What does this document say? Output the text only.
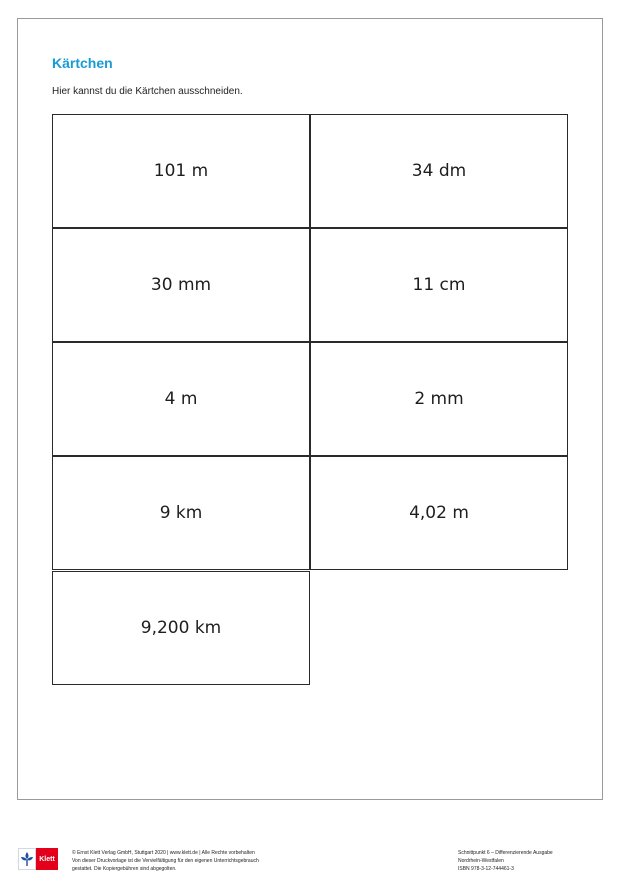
Kärtchen

Hier kannst du die Kärtchen ausschneiden.

101 m	34 dm
30 mm	11 cm
4 m	2 mm
9 km	4,02 m
9,200 km
Klett
© Ernst Klett Verlag GmbH, Stuttgart 2020 | www.klett.de | Alle Rechte vorbehalten
Von dieser Druckvorlage ist die Vervielfältigung für den eigenen Unterrichtsgebrauch
gestattet. Die Kopiergebühren sind abgegolten.
Schnittpunkt 6 – Differenzierende Ausgabe
Nordrhein-Westfalen
ISBN 978-3-12-744461-3
